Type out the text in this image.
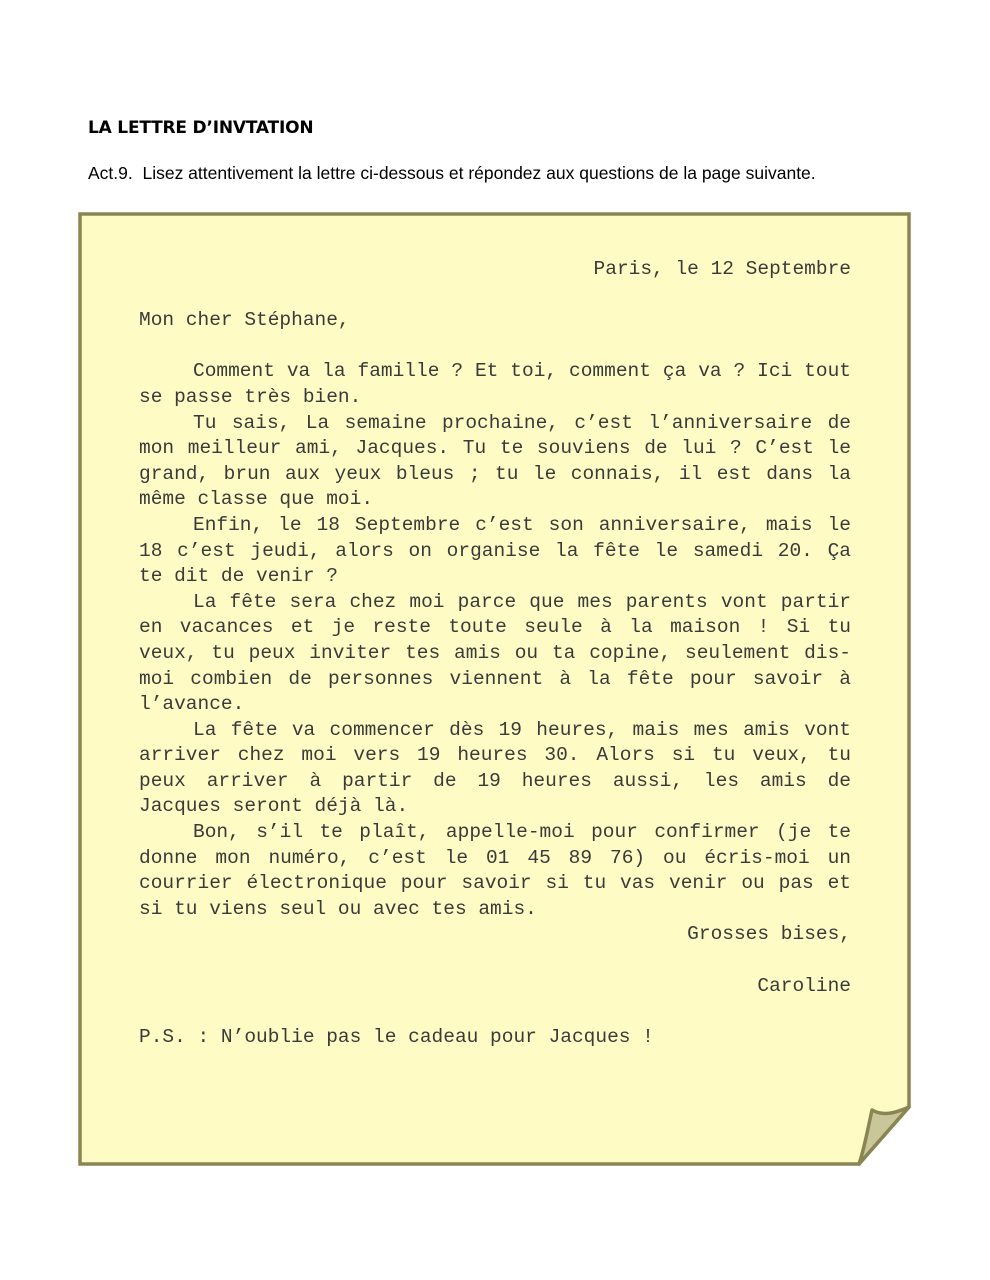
LA LETTRE D’INVTATION

Act.9.  Lisez attentivement la lettre ci-dessous et répondez aux questions de la page suivante.

Paris, le 12 Septembre

Mon cher Stéphane,

Comment va la famille ? Et toi, comment ça va ? Ici tout se passe très bien.

Tu sais, La semaine prochaine, c’est l’anniversaire de mon meilleur ami, Jacques. Tu te souviens de lui ? C’est le grand, brun aux yeux bleus ; tu le connais, il est dans la même classe que moi.

Enfin, le 18 Septembre c’est son anniversaire, mais le 18 c’est jeudi, alors on organise la fête le samedi 20. Ça te dit de venir ?

La fête sera chez moi parce que mes parents vont partir en vacances et je reste toute seule à la maison ! Si tu veux, tu peux inviter tes amis ou ta copine, seulement dis-moi combien de personnes viennent à la fête pour savoir à l’avance.

La fête va commencer dès 19 heures, mais mes amis vont arriver chez moi vers 19 heures 30. Alors si tu veux, tu peux arriver à partir de 19 heures aussi, les amis de Jacques seront déjà là.

Bon, s’il te plaît, appelle-moi pour confirmer (je te donne mon numéro, c’est le 01 45 89 76) ou écris-moi un courrier électronique pour savoir si tu vas venir ou pas et si tu viens seul ou avec tes amis.

Grosses bises,

Caroline

P.S. : N’oublie pas le cadeau pour Jacques !
